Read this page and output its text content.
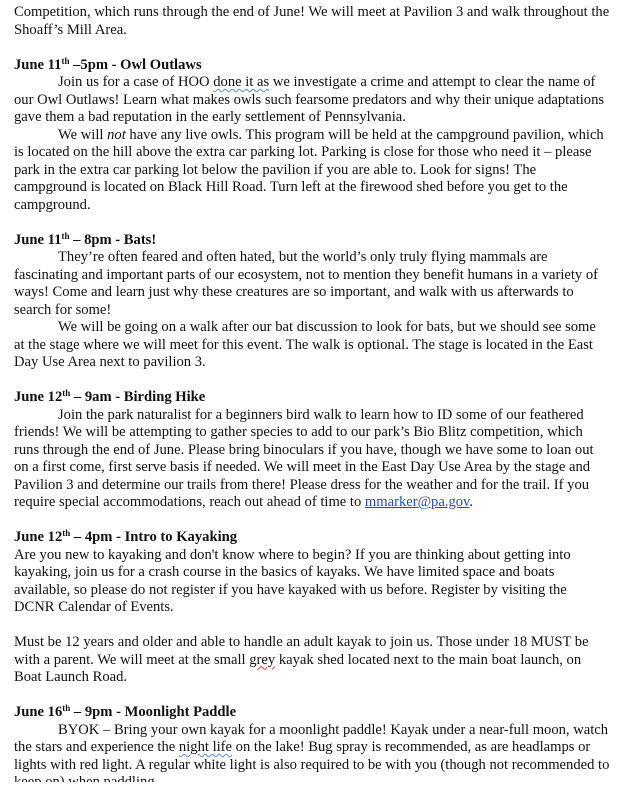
Competition, which runs through the end of June! We will meet at Pavilion 3 and walk throughout the Shoaff’s Mill Area.

June 11th –5pm - Owl Outlaws

Join us for a case of HOO done it as we investigate a crime and attempt to clear the name of our Owl Outlaws! Learn what makes owls such fearsome predators and why their unique adaptations gave them a bad reputation in the early settlement of Pennsylvania.

We will not have any live owls. This program will be held at the campground pavilion, which is located on the hill above the extra car parking lot. Parking is close for those who need it – please park in the extra car parking lot below the pavilion if you are able to. Look for signs! The campground is located on Black Hill Road. Turn left at the firewood shed before you get to the campground.

June 11th – 8pm - Bats!

They’re often feared and often hated, but the world’s only truly flying mammals are fascinating and important parts of our ecosystem, not to mention they benefit humans in a variety of ways! Come and learn just why these creatures are so important, and walk with us afterwards to search for some!

We will be going on a walk after our bat discussion to look for bats, but we should see some at the stage where we will meet for this event. The walk is optional. The stage is located in the East Day Use Area next to pavilion 3.

June 12th – 9am - Birding Hike

Join the park naturalist for a beginners bird walk to learn how to ID some of our feathered friends! We will be attempting to gather species to add to our park’s Bio Blitz competition, which runs through the end of June. Please bring binoculars if you have, though we have some to loan out on a first come, first serve basis if needed. We will meet in the East Day Use Area by the stage and Pavilion 3 and determine our trails from there! Please dress for the weather and for the trail. If you require special accommodations, reach out ahead of time to mmarker@pa.gov.

June 12th – 4pm - Intro to Kayaking

Are you new to kayaking and don't know where to begin? If you are thinking about getting into kayaking, join us for a crash course in the basics of kayaks. We have limited space and boats available, so please do not register if you have kayaked with us before. Register by visiting the DCNR Calendar of Events.

Must be 12 years and older and able to handle an adult kayak to join us. Those under 18 MUST be with a parent. We will meet at the small grey kayak shed located next to the main boat launch, on Boat Launch Road.

June 16th – 9pm - Moonlight Paddle

BYOK – Bring your own kayak for a moonlight paddle! Kayak under a near-full moon, watch the stars and experience the night life on the lake! Bug spray is recommended, as are headlamps or lights with red light. A regular white light is also required to be with you (though not recommended to
